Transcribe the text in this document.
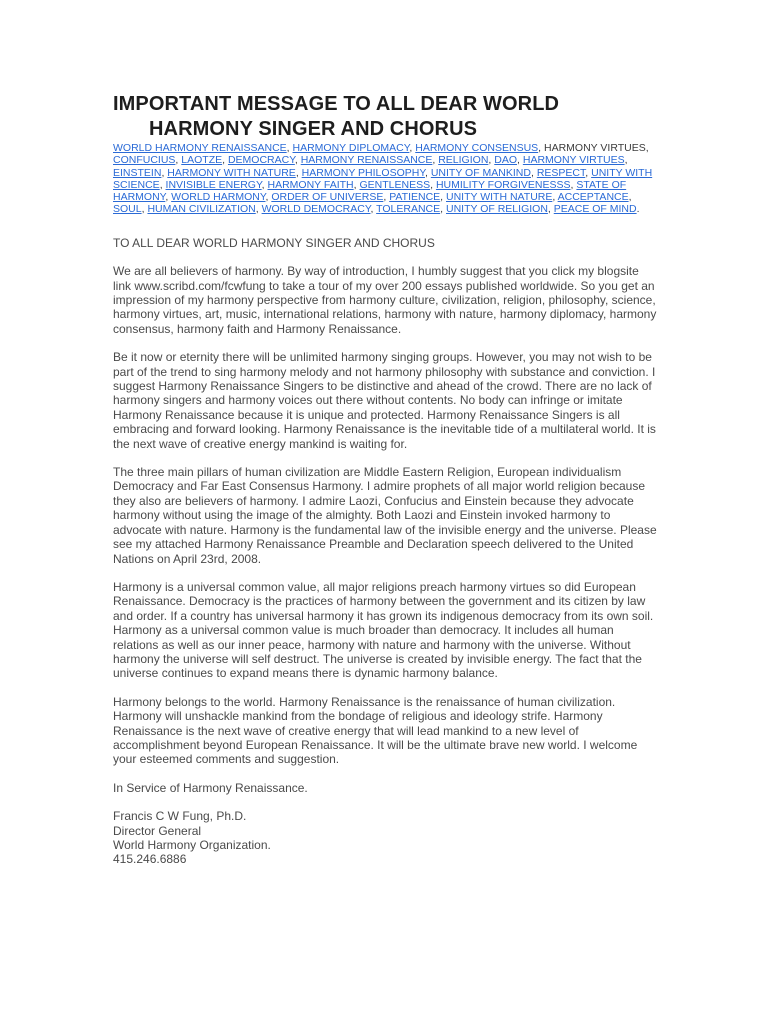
IMPORTANT MESSAGE TO ALL DEAR WORLD
HARMONY SINGER AND CHORUS

WORLD HARMONY RENAISSANCE, HARMONY DIPLOMACY, HARMONY CONSENSUS, HARMONY VIRTUES, CONFUCIUS, LAOTZE, DEMOCRACY, HARMONY RENAISSANCE, RELIGION, DAO, HARMONY VIRTUES, EINSTEIN, HARMONY WITH NATURE, HARMONY PHILOSOPHY, UNITY OF MANKIND, RESPECT, UNITY WITH SCIENCE, INVISIBLE ENERGY, HARMONY FAITH, GENTLENESS, HUMILITY FORGIVENESSS, STATE OF HARMONY, WORLD HARMONY, ORDER OF UNIVERSE, PATIENCE, UNITY WITH NATURE, ACCEPTANCE, SOUL, HUMAN CIVILIZATION, WORLD DEMOCRACY, TOLERANCE, UNITY OF RELIGION, PEACE OF MIND.

TO ALL DEAR WORLD HARMONY SINGER AND CHORUS

We are all believers of harmony. By way of introduction, I humbly suggest that you click my blogsite link www.scribd.com/fcwfung to take a tour of my over 200 essays published worldwide. So you get an impression of my harmony perspective from harmony culture, civilization, religion, philosophy, science, harmony virtues, art, music, international relations, harmony with nature, harmony diplomacy, harmony consensus, harmony faith and Harmony Renaissance.

Be it now or eternity there will be unlimited harmony singing groups. However, you may not wish to be part of the trend to sing harmony melody and not harmony philosophy with substance and conviction. I suggest Harmony Renaissance Singers to be distinctive and ahead of the crowd. There are no lack of harmony singers and harmony voices out there without contents. No body can infringe or imitate Harmony Renaissance because it is unique and protected. Harmony Renaissance Singers is all embracing and forward looking. Harmony Renaissance is the inevitable tide of a multilateral world. It is the next wave of creative energy mankind is waiting for.

The three main pillars of human civilization are Middle Eastern Religion, European individualism Democracy and Far East Consensus Harmony. I admire prophets of all major world religion because they also are believers of harmony. I admire Laozi, Confucius and Einstein because they advocate harmony without using the image of the almighty. Both Laozi and Einstein invoked harmony to advocate with nature. Harmony is the fundamental law of the invisible energy and the universe. Please see my attached Harmony Renaissance Preamble and Declaration speech delivered to the United Nations on April 23rd, 2008.

Harmony is a universal common value, all major religions preach harmony virtues so did European Renaissance. Democracy is the practices of harmony between the government and its citizen by law and order. If a country has universal harmony it has grown its indigenous democracy from its own soil. Harmony as a universal common value is much broader than democracy. It includes all human relations as well as our inner peace, harmony with nature and harmony with the universe. Without harmony the universe will self destruct. The universe is created by invisible energy. The fact that the universe continues to expand means there is dynamic harmony balance.

Harmony belongs to the world. Harmony Renaissance is the renaissance of human civilization. Harmony will unshackle mankind from the bondage of religious and ideology strife. Harmony Renaissance is the next wave of creative energy that will lead mankind to a new level of accomplishment beyond European Renaissance. It will be the ultimate brave new world. I welcome your esteemed comments and suggestion.

In Service of Harmony Renaissance.

Francis C W Fung, Ph.D.
Director General
World Harmony Organization.
415.246.6886
